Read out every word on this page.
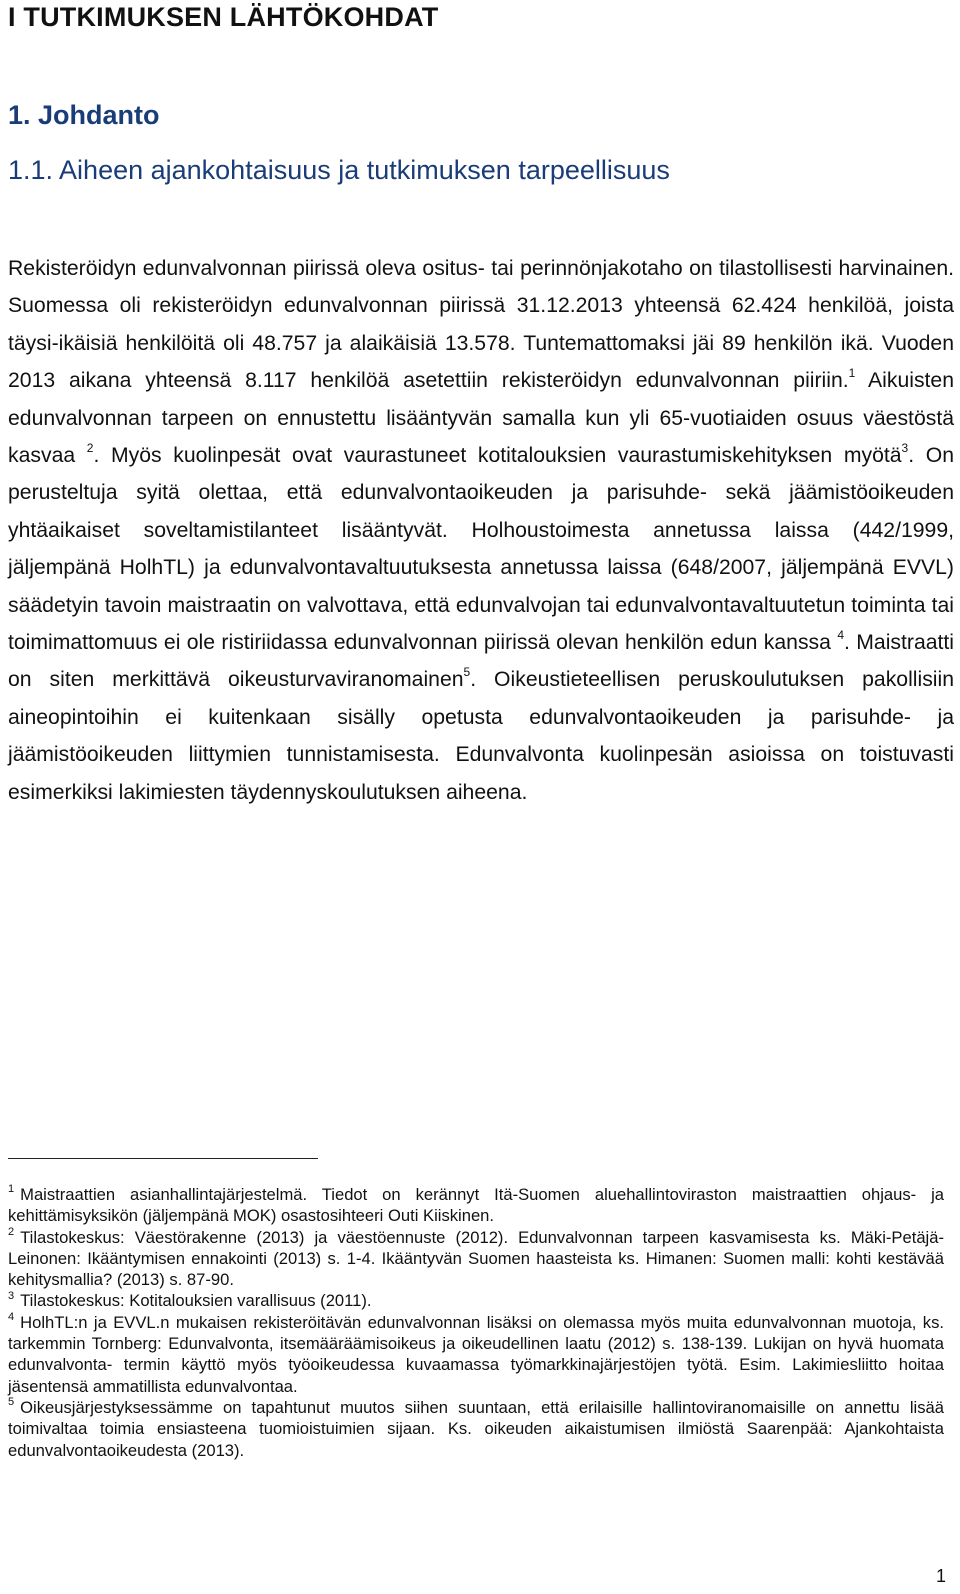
I TUTKIMUKSEN LÄHTÖKOHDAT
1. Johdanto
1.1. Aiheen ajankohtaisuus ja tutkimuksen tarpeellisuus

Rekisteröidyn edunvalvonnan piirissä oleva ositus- tai perinnönjakotaho on tilastollisesti harvinainen. Suomessa oli rekisteröidyn edunvalvonnan piirissä 31.12.2013 yhteensä 62.424 henkilöä, joista täysi-ikäisiä henkilöitä oli 48.757 ja alaikäisiä 13.578. Tuntemattomaksi jäi 89 henkilön ikä. Vuoden 2013 aikana yhteensä 8.117 henkilöä asetettiin rekisteröidyn edunvalvonnan piiriin.$^1$ Aikuisten edunvalvonnan tarpeen on ennustettu lisääntyvän samalla kun yli 65-vuotiaiden osuus väestöstä kasvaa $^2$. Myös kuolinpesät ovat vaurastuneet kotitalouksien vaurastumiskehityksen myötä$^3$. On perusteltuja syitä olettaa, että edunvalvontaoikeuden ja parisuhde- sekä jäämistöoikeuden yhtäaikaiset soveltamistilanteet lisääntyvät. Holhoustoimesta annetussa laissa (442/1999, jäljempänä HolhTL) ja edunvalvontavaltuutuksesta annetussa laissa (648/2007, jäljempänä EVVL) säädetyin tavoin maistraatin on valvottava, että edunvalvojan tai edunvalvontavaltuutetun toiminta tai toimimattomuus ei ole ristiriidassa edunvalvonnan piirissä olevan henkilön edun kanssa $^4$. Maistraatti on siten merkittävä oikeusturvaviranomainen$^5$. Oikeustieteellisen peruskoulutuksen pakollisiin aineopintoihin ei kuitenkaan sisälly opetusta edunvalvontaoikeuden ja parisuhde- ja jäämistöoikeuden liittymien tunnistamisesta. Edunvalvonta kuolinpesän asioissa on toistuvasti esimerkiksi lakimiesten täydennyskoulutuksen aiheena.

$^1$ Maistraattien asianhallintajärjestelmä. Tiedot on kerännyt Itä-Suomen aluehallintoviraston maistraattien ohjaus- ja kehittämisyksikön (jäljempänä MOK) osastosihteeri Outi Kiiskinen.

$^2$ Tilastokeskus: Väestörakenne (2013) ja väestöennuste (2012). Edunvalvonnan tarpeen kasvamisesta ks. Mäki-Petäjä-Leinonen: Ikääntymisen ennakointi (2013) s. 1-4. Ikääntyvän Suomen haasteista ks. Himanen: Suomen malli: kohti kestävää kehitysmallia? (2013) s. 87-90.

$^3$ Tilastokeskus: Kotitalouksien varallisuus (2011).

$^4$ HolhTL:n ja EVVL.n mukaisen rekisteröitävän edunvalvonnan lisäksi on olemassa myös muita edunvalvonnan muotoja, ks. tarkemmin Tornberg: Edunvalvonta, itsemääräämisoikeus ja oikeudellinen laatu (2012) s. 138-139. Lukijan on hyvä huomata edunvalvonta- termin käyttö myös työoikeudessa kuvaamassa työmarkkinajärjestöjen työtä. Esim. Lakimiesliitto hoitaa jäsentensä ammatillista edunvalvontaa.

$^5$ Oikeusjärjestyksessämme on tapahtunut muutos siihen suuntaan, että erilaisille hallintoviranomaisille on annettu lisää toimivaltaa toimia ensiasteena tuomioistuimien sijaan. Ks. oikeuden aikaistumisen ilmiöstä Saarenpää: Ajankohtaista edunvalvontaoikeudesta (2013).

1
